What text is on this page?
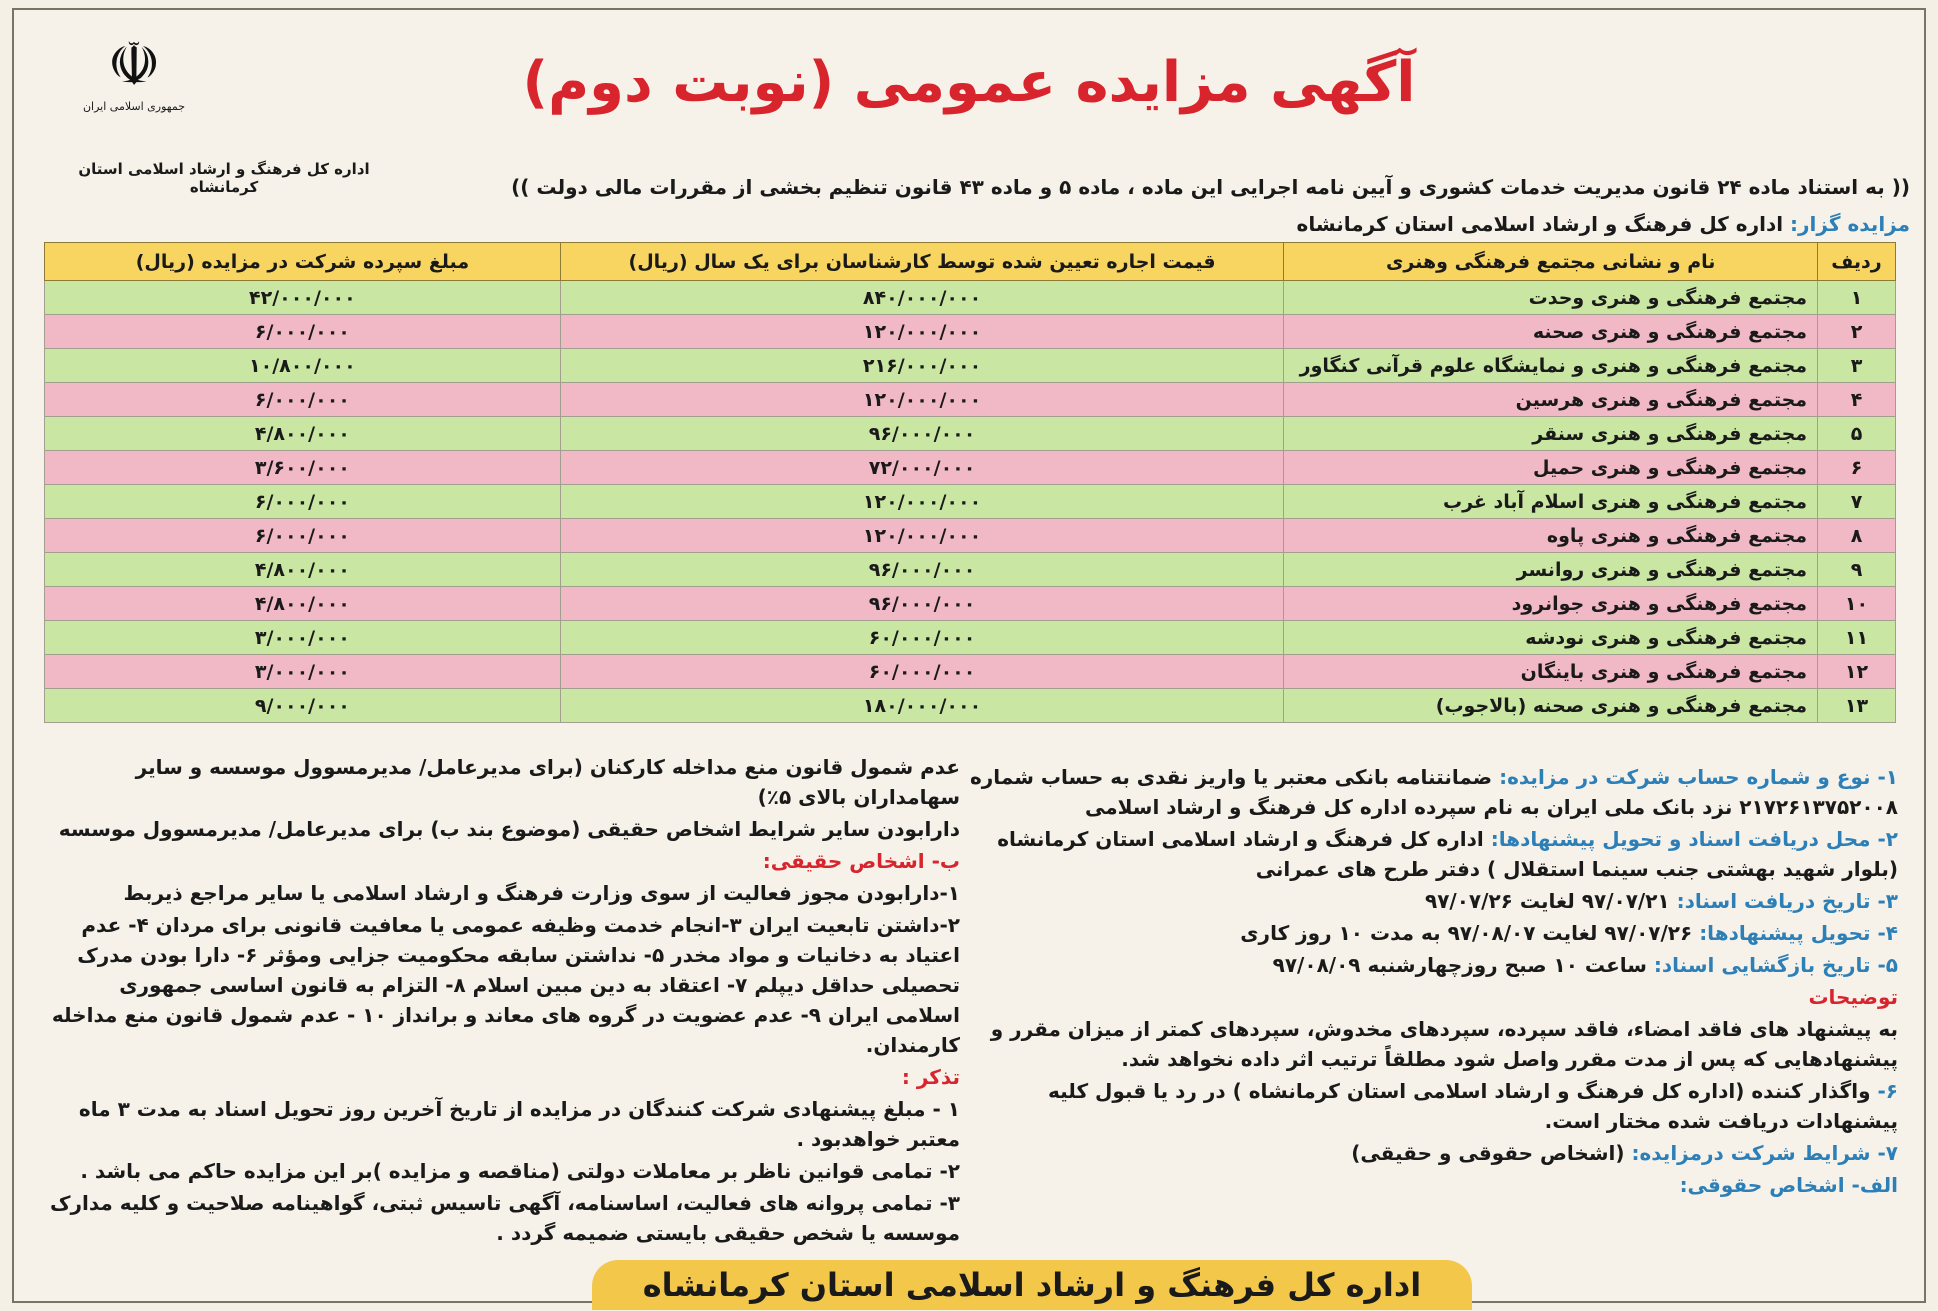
☫
جمهوری اسلامی ایران
اداره کل فرهنگ و ارشاد اسلامی استان کرمانشاه
آگهی مزایده عمومی (نوبت دوم)
(( به استناد ماده ۲۴ قانون مدیریت خدمات کشوری و آیین نامه اجرایی این ماده ، ماده ۵ و ماده ۴۳ قانون تنظیم بخشی از مقررات مالی دولت ))
مزایده گزار: اداره کل فرهنگ و ارشاد اسلامی استان کرمانشاه
ردیف	نام و نشانی مجتمع فرهنگی وهنری	قیمت اجاره تعیین شده توسط کارشناسان برای یک سال (ریال)	مبلغ سپرده شرکت در مزایده (ریال)
۱	مجتمع فرهنگی و هنری وحدت	۸۴۰/۰۰۰/۰۰۰	۴۲/۰۰۰/۰۰۰
۲	مجتمع فرهنگی و هنری صحنه	۱۲۰/۰۰۰/۰۰۰	۶/۰۰۰/۰۰۰
۳	مجتمع فرهنگی و هنری و نمایشگاه علوم قرآنی کنگاور	۲۱۶/۰۰۰/۰۰۰	۱۰/۸۰۰/۰۰۰
۴	مجتمع فرهنگی و هنری هرسین	۱۲۰/۰۰۰/۰۰۰	۶/۰۰۰/۰۰۰
۵	مجتمع فرهنگی و هنری سنقر	۹۶/۰۰۰/۰۰۰	۴/۸۰۰/۰۰۰
۶	مجتمع فرهنگی و هنری حمیل	۷۲/۰۰۰/۰۰۰	۳/۶۰۰/۰۰۰
۷	مجتمع فرهنگی و هنری اسلام آباد غرب	۱۲۰/۰۰۰/۰۰۰	۶/۰۰۰/۰۰۰
۸	مجتمع فرهنگی و هنری پاوه	۱۲۰/۰۰۰/۰۰۰	۶/۰۰۰/۰۰۰
۹	مجتمع فرهنگی و هنری روانسر	۹۶/۰۰۰/۰۰۰	۴/۸۰۰/۰۰۰
۱۰	مجتمع فرهنگی و هنری جوانرود	۹۶/۰۰۰/۰۰۰	۴/۸۰۰/۰۰۰
۱۱	مجتمع فرهنگی و هنری نودشه	۶۰/۰۰۰/۰۰۰	۳/۰۰۰/۰۰۰
۱۲	مجتمع فرهنگی و هنری باینگان	۶۰/۰۰۰/۰۰۰	۳/۰۰۰/۰۰۰
۱۳	مجتمع فرهنگی و هنری صحنه (بالاجوب)	۱۸۰/۰۰۰/۰۰۰	۹/۰۰۰/۰۰۰
۱- نوع و شماره حساب شرکت در مزایده: ضمانتنامه بانکی معتبر یا واریز نقدی به حساب شماره ۲۱۷۲۶۱۳۷۵۲۰۰۸ نزد بانک ملی ایران به نام سپرده اداره کل فرهنگ و ارشاد اسلامی
۲- محل دریافت اسناد و تحویل پیشنهادها: اداره کل فرهنگ و ارشاد اسلامی استان کرمانشاه (بلوار شهید بهشتی جنب سینما استقلال ) دفتر طرح های عمرانی
۳- تاریخ دریافت اسناد: ۹۷/۰۷/۲۱ لغایت ۹۷/۰۷/۲۶
۴- تحویل پیشنهادها: ۹۷/۰۷/۲۶ لغایت ۹۷/۰۸/۰۷ به مدت ۱۰ روز کاری
۵- تاریخ بازگشایی اسناد: ساعت ۱۰ صبح روزچهارشنبه ۹۷/۰۸/۰۹
توضیحات
به پیشنهاد های فاقد امضاء، فاقد سپرده، سپردهای مخدوش، سپردهای کمتر از میزان مقرر و پیشنهادهایی که پس از مدت مقرر واصل شود مطلقاً ترتیب اثر داده نخواهد شد.
۶- واگذار کننده (اداره کل فرهنگ و ارشاد اسلامی استان کرمانشاه ) در رد یا قبول کلیه پیشنهادات دریافت شده مختار است.
۷- شرایط شرکت درمزایده: (اشخاص حقوقی و حقیقی)
الف- اشخاص حقوقی:
عدم شمول قانون منع مداخله کارکنان (برای مدیرعامل/ مدیرمسوول موسسه و سایر سهامداران بالای ۵٪)
دارابودن سایر شرایط اشخاص حقیقی (موضوع بند ب) برای مدیرعامل/ مدیرمسوول موسسه
ب- اشخاص حقیقی:
۱-دارابودن مجوز فعالیت از سوی وزارت فرهنگ و ارشاد اسلامی یا سایر مراجع ذیربط
۲-داشتن تابعیت ایران ۳-انجام خدمت وظیفه عمومی یا معافیت قانونی برای مردان ۴- عدم اعتیاد به دخانیات و مواد مخدر ۵- نداشتن سابقه محکومیت جزایی ومؤثر ۶- دارا بودن مدرک تحصیلی حداقل دیپلم ۷- اعتقاد به دین مبین اسلام ۸- التزام به قانون اساسی جمهوری اسلامی ایران ۹- عدم عضویت در گروه های معاند و برانداز ۱۰ - عدم شمول قانون منع مداخله کارمندان.
تذکر :
۱ - مبلغ پیشنهادی شرکت کنندگان در مزایده از تاریخ آخرین روز تحویل اسناد به مدت ۳ ماه معتبر خواهدبود .
۲- تمامی قوانین ناظر بر معاملات دولتی (مناقصه و مزایده )بر این مزایده حاکم می باشد .
۳- تمامی پروانه های فعالیت، اساسنامه، آگهی تاسیس ثبتی، گواهینامه صلاحیت و کلیه مدارک موسسه یا شخص حقیقی بایستی ضمیمه گردد .
اداره کل فرهنگ و ارشاد اسلامی استان کرمانشاه
